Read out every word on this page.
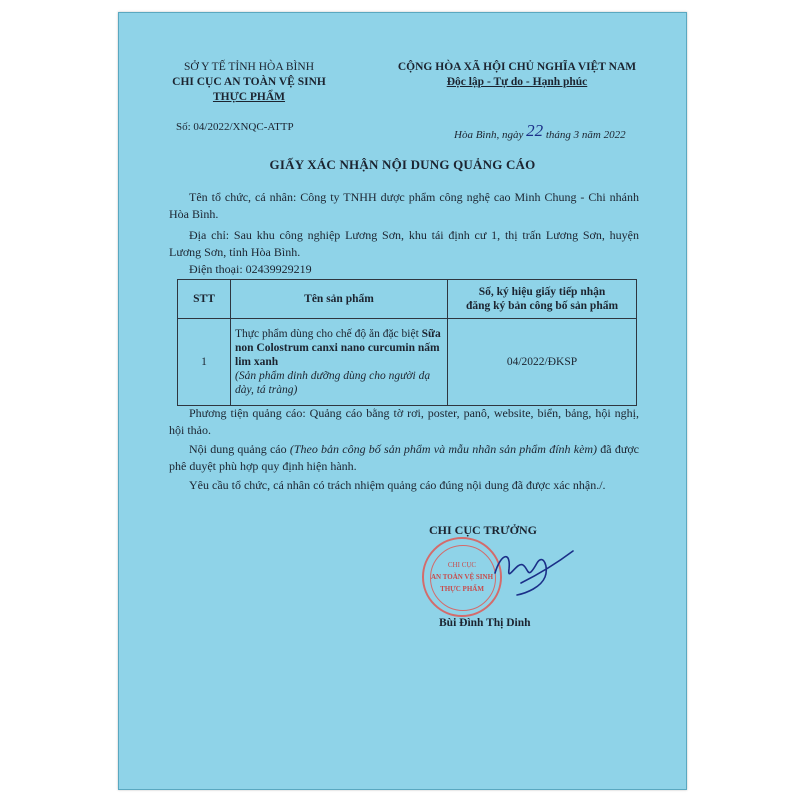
SỞ Y TẾ TỈNH HÒA BÌNH
CHI CỤC AN TOÀN VỆ SINH
THỰC PHẨM
CỘNG HÒA XÃ HỘI CHỦ NGHĨA VIỆT NAM
Độc lập - Tự do - Hạnh phúc
Số: 04/2022/XNQC-ATTP
Hòa Bình, ngày 22 tháng 3 năm 2022
GIẤY XÁC NHẬN NỘI DUNG QUẢNG CÁO
Tên tổ chức, cá nhân: Công ty TNHH dược phẩm công nghệ cao Minh Chung - Chi nhánh Hòa Bình.
Địa chỉ: Sau khu công nghiệp Lương Sơn, khu tái định cư 1, thị trấn Lương Sơn, huyện Lương Sơn, tỉnh Hòa Bình.
Điện thoại: 02439929219
STT	Tên sản phẩm	Số, ký hiệu giấy tiếp nhận
đăng ký bản công bố sản phẩm

1	Thực phẩm dùng cho chế độ ăn đặc biệt Sữa non Colostrum canxi nano curcumin nấm lim xanh
(Sản phẩm dinh dưỡng dùng cho người dạ dày, tá tràng)	04/2022/ĐKSP
Phương tiện quảng cáo: Quảng cáo bằng tờ rơi, poster, panô, website, biển, bảng, hội nghị, hội thảo.
Nội dung quảng cáo (Theo bản công bố sản phẩm và mẫu nhãn sản phẩm đính kèm) đã được phê duyệt phù hợp quy định hiện hành.
Yêu cầu tổ chức, cá nhân có trách nhiệm quảng cáo đúng nội dung đã được xác nhận./.
CHI CỤC TRƯỞNG
CHI CỤC
AN TOÀN VỆ SINH
THỰC PHẨM
Bùi Đình Thị Dinh
